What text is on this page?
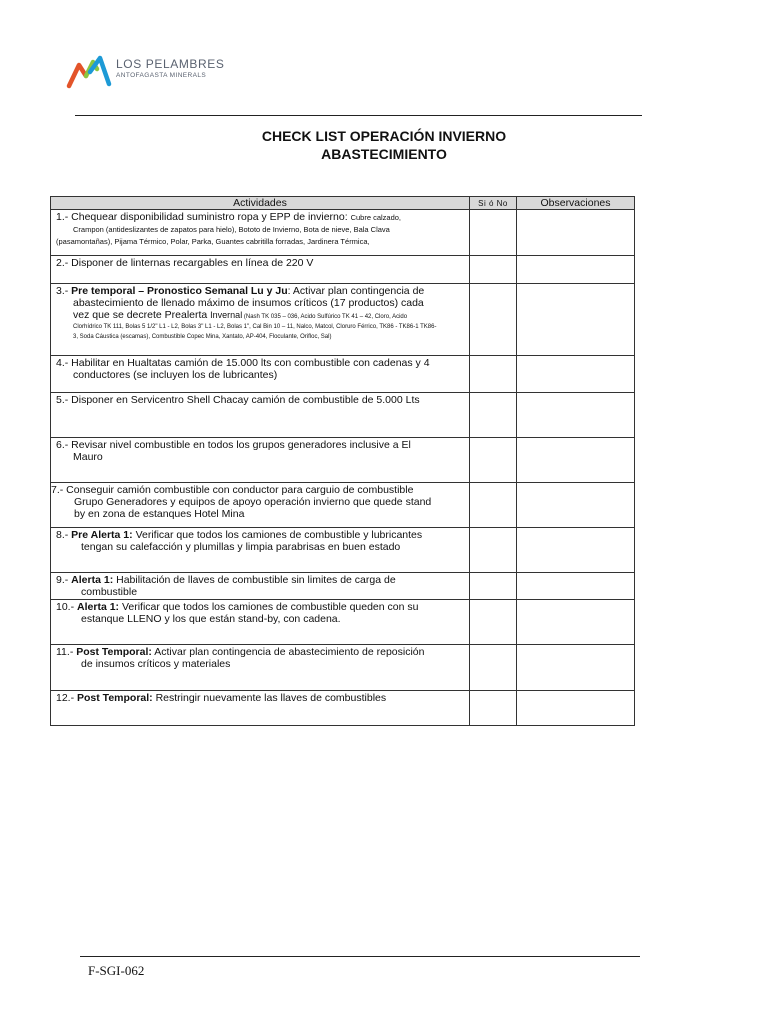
LOS PELAMBRES
ANTOFAGASTA MINERALS
CHECK LIST OPERACIÓN INVIERNO
ABASTECIMIENTO
Actividades	Si ó No	Observaciones

1.- Chequear disponibilidad suministro ropa y EPP de invierno: Cubre calzado,
Crampon (antideslizantes de zapatos para hielo), Bototo de Invierno, Bota de nieve, Bala Clava
(pasamontañas), Pijama Térmico, Polar, Parka, Guantes cabritilla forradas, Jardinera Térmica,		

2.- Disponer de linternas recargables en línea de 220 V		

3.- Pre temporal – Pronostico Semanal Lu y Ju: Activar plan contingencia de
abastecimiento de llenado máximo de insumos críticos (17 productos) cada
vez que se decrete Prealerta Invernal (Nash TK 035 – 036, Acido Sulfúrico TK 41 – 42, Cloro, Acido
Clorhídrico TK 111, Bolas 5 1/2" L1 - L2, Bolas 3" L1 - L2, Bolas 1", Cal Bin 10 – 11, Nalco, Matcol, Cloruro Férrico, TK86 - TK86-1 TK86-
3, Soda Cáustica (escamas), Combustible Copec Mina, Xantato, AP-404, Floculante, Orifloc, Sal)		

4.- Habilitar en Hualtatas camión de 15.000 lts con combustible con cadenas y 4
conductores (se incluyen los de lubricantes)		

5.- Disponer en Servicentro Shell Chacay camión de combustible de 5.000 Lts		

6.- Revisar nivel combustible en todos los grupos generadores inclusive a El
Mauro		

7.- Conseguir camión combustible con conductor para carguio de combustible
Grupo Generadores y equipos de apoyo operación invierno que quede stand
by en zona de estanques Hotel Mina		

8.- Pre Alerta 1: Verificar que todos los camiones de combustible y lubricantes
tengan su calefacción y plumillas y limpia parabrisas en buen estado		

9.- Alerta 1: Habilitación de llaves de combustible sin limites de carga de
combustible		

10.- Alerta 1: Verificar que todos los camiones de combustible queden con su
estanque LLENO y los que están stand-by, con cadena.		

11.- Post Temporal: Activar plan contingencia de abastecimiento de reposición
de insumos críticos y materiales		

12.- Post Temporal: Restringir nuevamente las llaves de combustibles		

F-SGI-062
